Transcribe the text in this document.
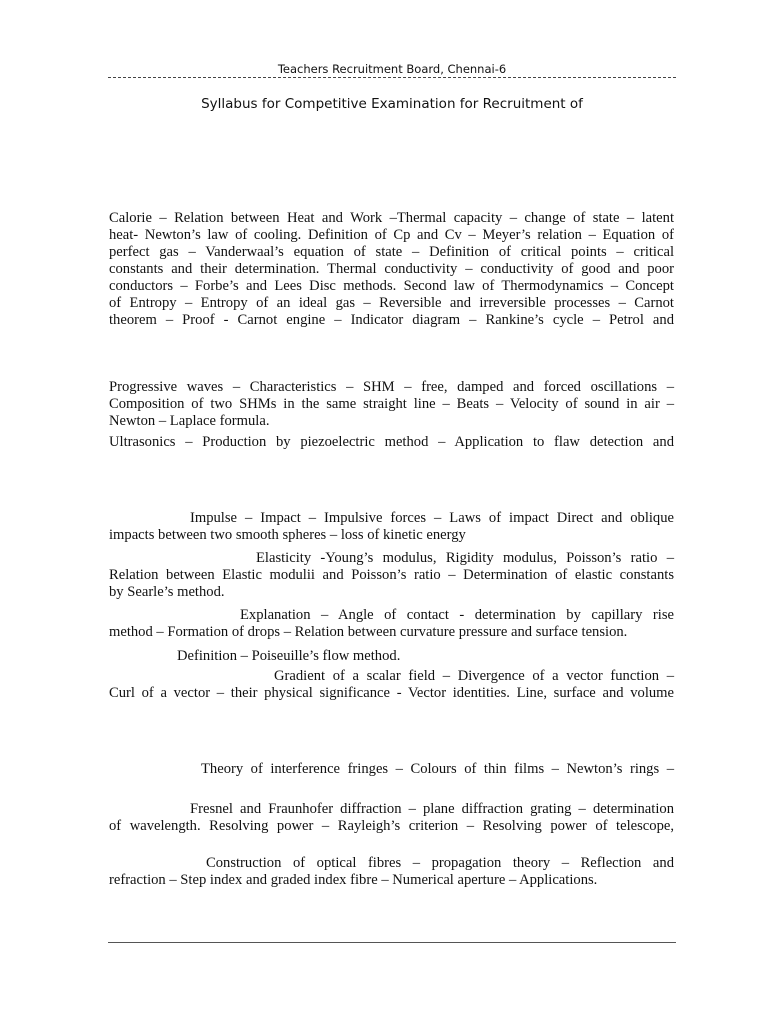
Teachers Recruitment Board, Chennai-6
Syllabus for Competitive Examination for Recruitment of
Calorie – Relation between Heat and Work –Thermal capacity – change of state – latent
heat- Newton’s law of cooling. Definition of Cp and Cv – Meyer’s relation – Equation of
perfect gas – Vanderwaal’s equation of state – Definition of critical points – critical
constants and their determination. Thermal conductivity – conductivity of good and poor
conductors – Forbe’s and Lees Disc methods. Second law of Thermodynamics – Concept
of Entropy – Entropy of an ideal gas – Reversible and irreversible processes – Carnot
theorem – Proof - Carnot engine – Indicator diagram – Rankine’s cycle – Petrol and
Progressive waves – Characteristics – SHM – free, damped and forced oscillations –
Composition of two SHMs in the same straight line – Beats – Velocity of sound in air –
Newton – Laplace formula.
Ultrasonics – Production by piezoelectric method – Application to flaw detection and
Impulse – Impact – Impulsive forces – Laws of impact Direct and oblique
impacts between two smooth spheres – loss of kinetic energy
Elasticity -Young’s modulus, Rigidity modulus, Poisson’s ratio –
Relation between Elastic modulii and Poisson’s ratio – Determination of elastic constants
by Searle’s method.
Explanation – Angle of contact - determination by capillary rise
method – Formation of drops – Relation between curvature pressure and surface tension.
Definition – Poiseuille’s flow method.
Gradient of a scalar field – Divergence of a vector function –
Curl of a vector – their physical significance - Vector identities. Line, surface and volume
Theory of interference fringes – Colours of thin films – Newton’s rings –
Fresnel and Fraunhofer diffraction – plane diffraction grating – determination
of wavelength. Resolving power – Rayleigh’s criterion – Resolving power of telescope,
Construction of optical fibres – propagation theory – Reflection and
refraction – Step index and graded index fibre – Numerical aperture – Applications.
